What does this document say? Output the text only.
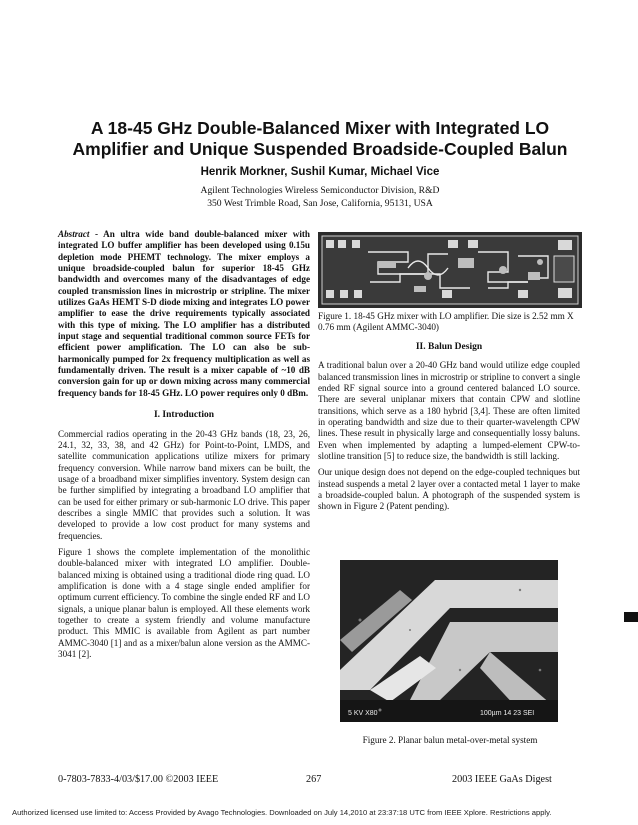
A 18-45 GHz Double-Balanced Mixer with Integrated LO
Amplifier and Unique Suspended Broadside-Coupled Balun
Henrik Morkner, Sushil Kumar, Michael Vice
Agilent Technologies Wireless Semiconductor Division, R&D
350 West Trimble Road, San Jose, California, 95131, USA

Abstract - An ultra wide band double-balanced mixer with integrated LO buffer amplifier has been developed using 0.15u depletion mode PHEMT technology. The mixer employs a unique broadside-coupled balun for superior 18-45 GHz bandwidth and overcomes many of the disadvantages of edge coupled transmission lines in microstrip or stripline. The mixer utilizes GaAs HEMT S-D diode mixing and integrates LO power amplifier to ease the drive requirements typically associated with this type of mixing. The LO amplifier has a distributed input stage and sequential traditional common source FETs for efficient power amplification. The LO can also be sub-harmonically pumped for 2x frequency multiplication as well as fundamentally driven. The result is a mixer capable of ~10 dB conversion gain for up or down mixing across many commercial frequency bands for 18-45 GHz. LO power requires only 0 dBm.

I. Introduction

Commercial radios operating in the 20-43 GHz bands (18, 23, 26, 24.1, 32, 33, 38, and 42 GHz) for Point-to-Point, LMDS, and satellite communication applications utilize mixers for primary frequency conversion. While narrow band mixers can be built, the usage of a broadband mixer simplifies inventory. System design can be further simplified by integrating a broadband LO amplifier that can be used for either primary or sub-harmonic LO drive. This paper describes a single MMIC that provides such a solution. It was developed to provide a low cost product for many systems and frequencies.

Figure 1 shows the complete implementation of the monolithic double-balanced mixer with integrated LO amplifier. Double-balanced mixing is obtained using a traditional diode ring quad. LO amplification is done with a 4 stage single ended amplifier for optimum current efficiency. To combine the single ended RF and LO signals, a unique planar balun is employed. All these elements work together to create a system friendly and volume manufacture product. This MMIC is available from Agilent as part number AMMC-3040 [1] and as a mixer/balun alone version as the AMMC-3041 [2].

Figure 1. 18-45 GHz mixer with LO amplifier. Die size is 2.52 mm X 0.76 mm (Agilent AMMC-3040)
II. Balun Design

A traditional balun over a 20-40 GHz band would utilize edge coupled balanced transmission lines in microstrip or stripline to convert a single ended RF signal source into a ground centered balanced LO source. There are several uniplanar mixers that contain CPW and slotline transitions, which serve as a 180 hybrid [3,4]. These are often limited in operating bandwidth and size due to their quarter-wavelength CPW lines. These result in physically large and consequentially lossy baluns. Even when implemented by adapting a lumped-element CPW-to-slotline transition [5] to reduce size, the bandwidth is still lacking.

Our unique design does not depend on the edge-coupled techniques but instead suspends a metal 2 layer over a contacted metal 1 layer to make a broadside-coupled balun. A photograph of the suspended system is shown in Figure 2 (Patent pending).

5 KV X80	100µm 14 23 SEI
Figure 2. Planar balun metal-over-metal system
0-7803-7833-4/03/$17.00 ©2003 IEEE	267	2003 IEEE GaAs Digest
Authorized licensed use limited to: Access Provided by Avago Technologies. Downloaded on July 14,2010 at 23:37:18 UTC from IEEE Xplore. Restrictions apply.
